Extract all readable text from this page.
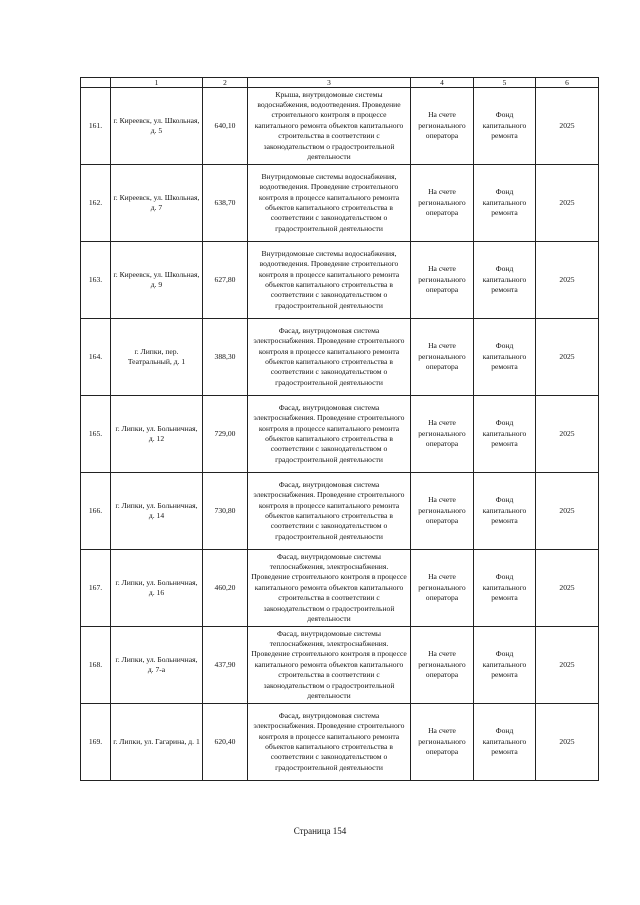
	1	2	3	4	5	6
161.	г. Киреевск, ул. Школьная, д. 5	640,10	Крыша, внутридомовые системы водоснабжения, водоотведения. Проведение строительного контроля в процессе капитального ремонта объектов капитального строительства в соответствии с законодательством о градостроительной деятельности	На счете регионального оператора	Фонд капитального ремонта	2025
162.	г. Киреевск, ул. Школьная, д. 7	638,70	Внутридомовые системы водоснабжения, водоотведения. Проведение строительного контроля в процессе капитального ремонта объектов капитального строительства в соответствии с законодательством о градостроительной деятельности	На счете регионального оператора	Фонд капитального ремонта	2025
163.	г. Киреевск, ул. Школьная, д. 9	627,80	Внутридомовые системы водоснабжения, водоотведения. Проведение строительного контроля в процессе капитального ремонта объектов капитального строительства в соответствии с законодательством о градостроительной деятельности	На счете регионального оператора	Фонд капитального ремонта	2025
164.	г. Липки, пер. Театральный, д. 1	388,30	Фасад, внутридомовая система электроснабжения. Проведение строительного контроля в процессе капитального ремонта объектов капитального строительства в соответствии с законодательством о градостроительной деятельности	На счете регионального оператора	Фонд капитального ремонта	2025
165.	г. Липки, ул. Больничная, д. 12	729,00	Фасад, внутридомовая система электроснабжения. Проведение строительного контроля в процессе капитального ремонта объектов капитального строительства в соответствии с законодательством о градостроительной деятельности	На счете регионального оператора	Фонд капитального ремонта	2025
166.	г. Липки, ул. Больничная, д. 14	730,80	Фасад, внутридомовая система электроснабжения. Проведение строительного контроля в процессе капитального ремонта объектов капитального строительства в соответствии с законодательством о градостроительной деятельности	На счете регионального оператора	Фонд капитального ремонта	2025
167.	г. Липки, ул. Больничная, д. 16	460,20	Фасад, внутридомовые системы теплоснабжения, электроснабжения. Проведение строительного контроля в процессе капитального ремонта объектов капитального строительства в соответствии с законодательством о градостроительной деятельности	На счете регионального оператора	Фонд капитального ремонта	2025
168.	г. Липки, ул. Больничная, д. 7-а	437,90	Фасад, внутридомовые системы теплоснабжения, электроснабжения. Проведение строительного контроля в процессе капитального ремонта объектов капитального строительства в соответствии с законодательством о градостроительной деятельности	На счете регионального оператора	Фонд капитального ремонта	2025
169.	г. Липки, ул. Гагарина, д. 1	620,40	Фасад, внутридомовая система электроснабжения. Проведение строительного контроля в процессе капитального ремонта объектов капитального строительства в соответствии с законодательством о градостроительной деятельности	На счете регионального оператора	Фонд капитального ремонта	2025
Страница 154
